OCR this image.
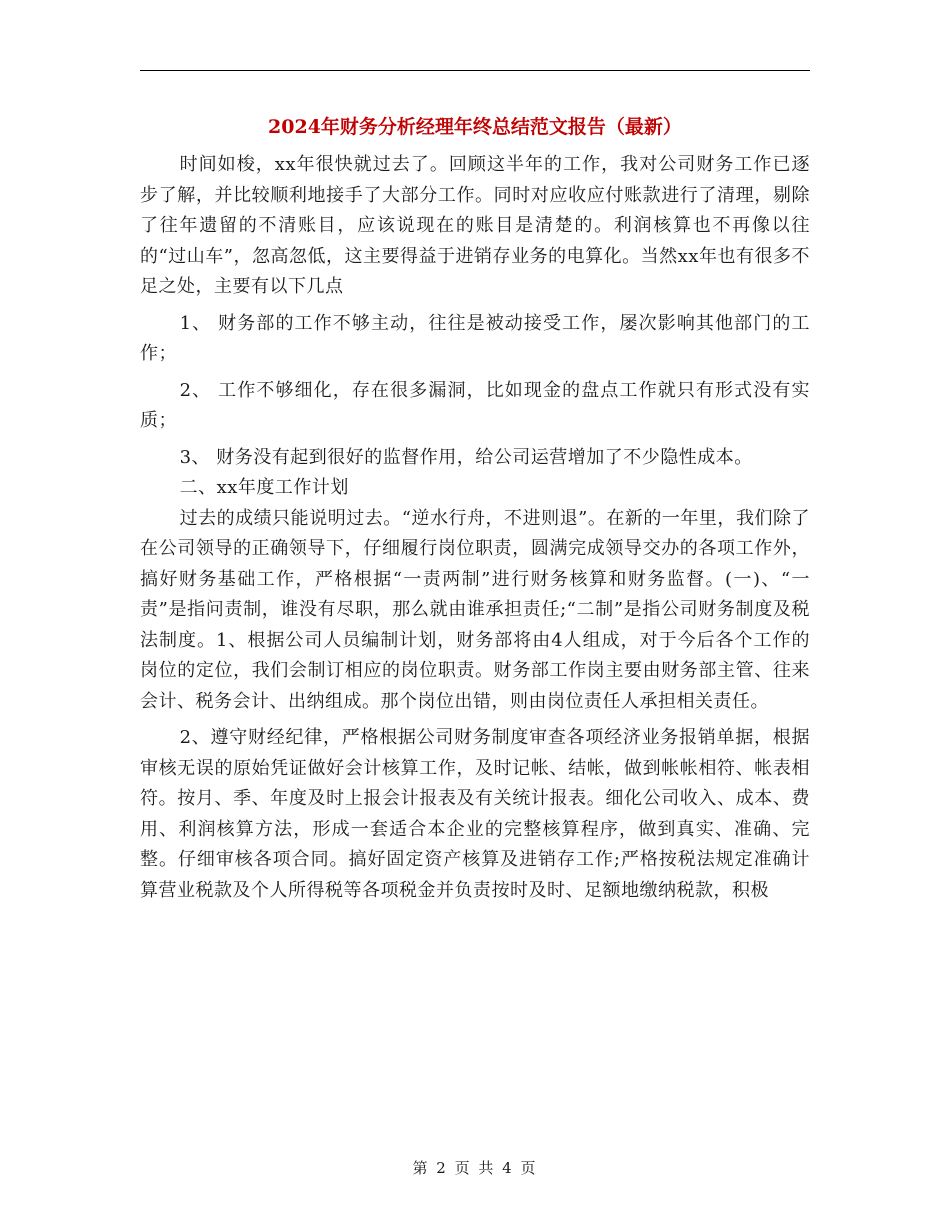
2024年财务分析经理年终总结范文报告（最新）

时间如梭，xx年很快就过去了。回顾这半年的工作，我对公司财务工作已逐步了解，并比较顺利地接手了大部分工作。同时对应收应付账款进行了清理，剔除了往年遗留的不清账目，应该说现在的账目是清楚的。利润核算也不再像以往的“过山车”，忽高忽低，这主要得益于进销存业务的电算化。当然xx年也有很多不足之处，主要有以下几点

1、 财务部的工作不够主动，往往是被动接受工作，屡次影响其他部门的工作；

2、 工作不够细化，存在很多漏洞，比如现金的盘点工作就只有形式没有实质；

3、 财务没有起到很好的监督作用，给公司运营增加了不少隐性成本。

二、xx年度工作计划

过去的成绩只能说明过去。“逆水行舟，不进则退”。在新的一年里，我们除了在公司领导的正确领导下，仔细履行岗位职责，圆满完成领导交办的各项工作外，搞好财务基础工作，严格根据“一责两制”进行财务核算和财务监督。(一)、“一责”是指问责制，谁没有尽职，那么就由谁承担责任;“二制”是指公司财务制度及税法制度。1、根据公司人员编制计划，财务部将由4人组成，对于今后各个工作的岗位的定位，我们会制订相应的岗位职责。财务部工作岗主要由财务部主管、往来会计、税务会计、出纳组成。那个岗位出错，则由岗位责任人承担相关责任。

2、遵守财经纪律，严格根据公司财务制度审查各项经济业务报销单据，根据审核无误的原始凭证做好会计核算工作，及时记帐、结帐，做到帐帐相符、帐表相符。按月、季、年度及时上报会计报表及有关统计报表。细化公司收入、成本、费用、利润核算方法，形成一套适合本企业的完整核算程序，做到真实、准确、完整。仔细审核各项合同。搞好固定资产核算及进销存工作;严格按税法规定准确计算营业税款及个人所得税等各项税金并负责按时及时、足额地缴纳税款，积极

第 2 页 共 4 页
